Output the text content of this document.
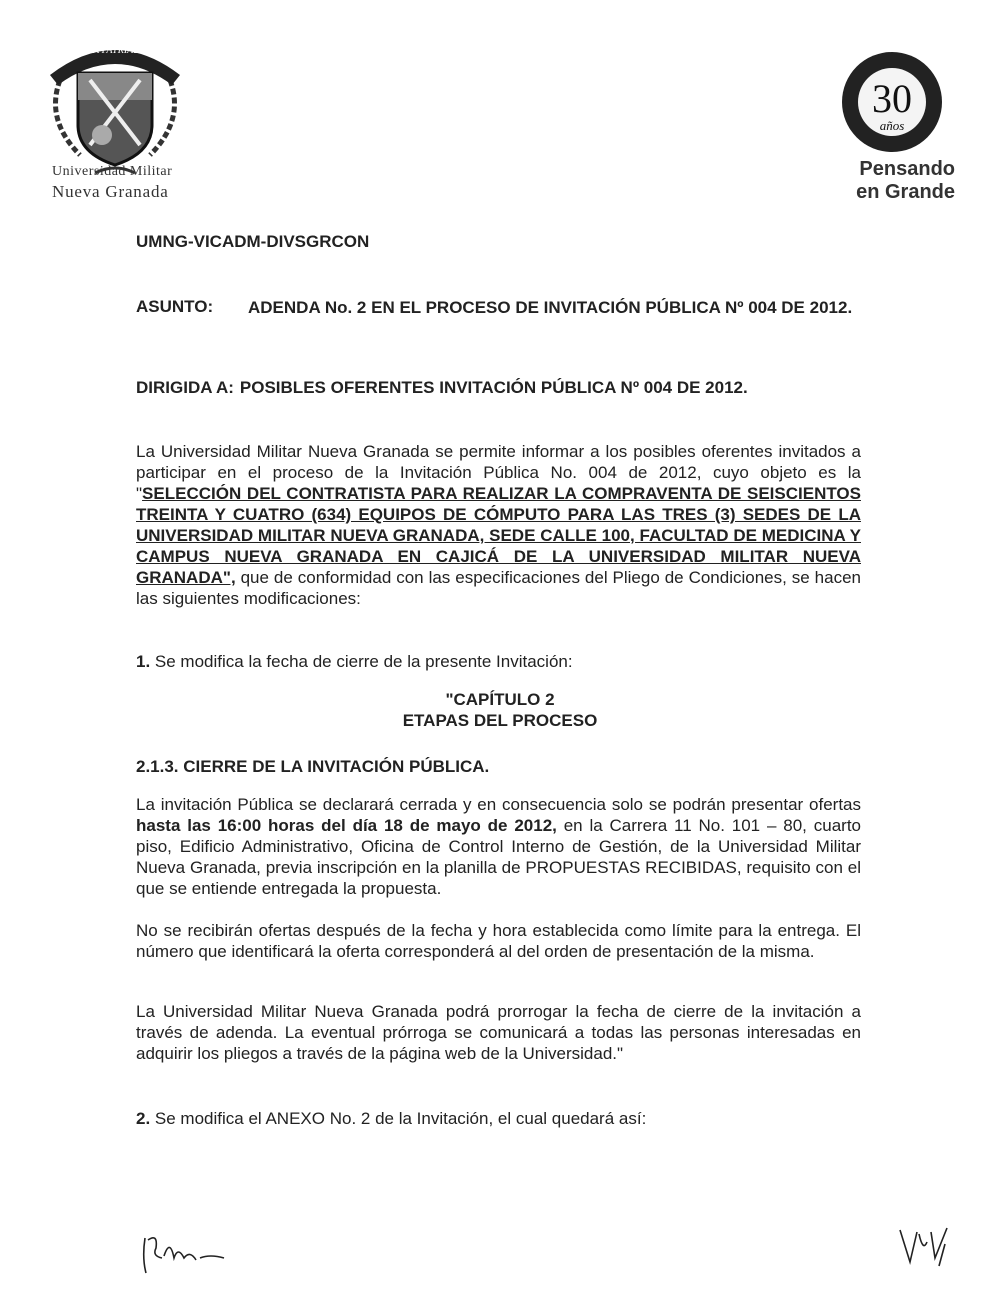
SCIENTIA PATRIAE FAMILIA
Universidad Militar
Nueva Granada
30
años
Pensando
en Grande
UMNG-VICADM-DIVSGRCON
ASUNTO: ADENDA No. 2 EN EL PROCESO DE INVITACIÓN PÚBLICA Nº 004 DE 2012.
DIRIGIDA A: POSIBLES OFERENTES INVITACIÓN PÚBLICA Nº 004 DE 2012.

La Universidad Militar Nueva Granada se permite informar a los posibles oferentes invitados a participar en el proceso de la Invitación Pública No. 004 de 2012, cuyo objeto es la "SELECCIÓN DEL CONTRATISTA PARA REALIZAR LA COMPRAVENTA DE SEISCIENTOS TREINTA Y CUATRO (634) EQUIPOS DE CÓMPUTO PARA LAS TRES (3) SEDES DE LA UNIVERSIDAD MILITAR NUEVA GRANADA, SEDE CALLE 100, FACULTAD DE MEDICINA Y CAMPUS NUEVA GRANADA EN CAJICÁ DE LA UNIVERSIDAD MILITAR NUEVA GRANADA", que de conformidad con las especificaciones del Pliego de Condiciones, se hacen las siguientes modificaciones:

1. Se modifica la fecha de cierre de la presente Invitación:

"CAPÍTULO 2
ETAPAS DEL PROCESO
2.1.3. CIERRE DE LA INVITACIÓN PÚBLICA.

La invitación Pública se declarará cerrada y en consecuencia solo se podrán presentar ofertas hasta las 16:00 horas del día 18 de mayo de 2012, en la Carrera 11 No. 101 – 80, cuarto piso, Edificio Administrativo, Oficina de Control Interno de Gestión, de la Universidad Militar Nueva Granada, previa inscripción en la planilla de PROPUESTAS RECIBIDAS, requisito con el que se entiende entregada la propuesta.

No se recibirán ofertas después de la fecha y hora establecida como límite para la entrega. El número que identificará la oferta corresponderá al del orden de presentación de la misma.

La Universidad Militar Nueva Granada podrá prorrogar la fecha de cierre de la invitación a través de adenda. La eventual prórroga se comunicará a todas las personas interesadas en adquirir los pliegos a través de la página web de la Universidad."

2. Se modifica el ANEXO No. 2 de la Invitación, el cual quedará así:
